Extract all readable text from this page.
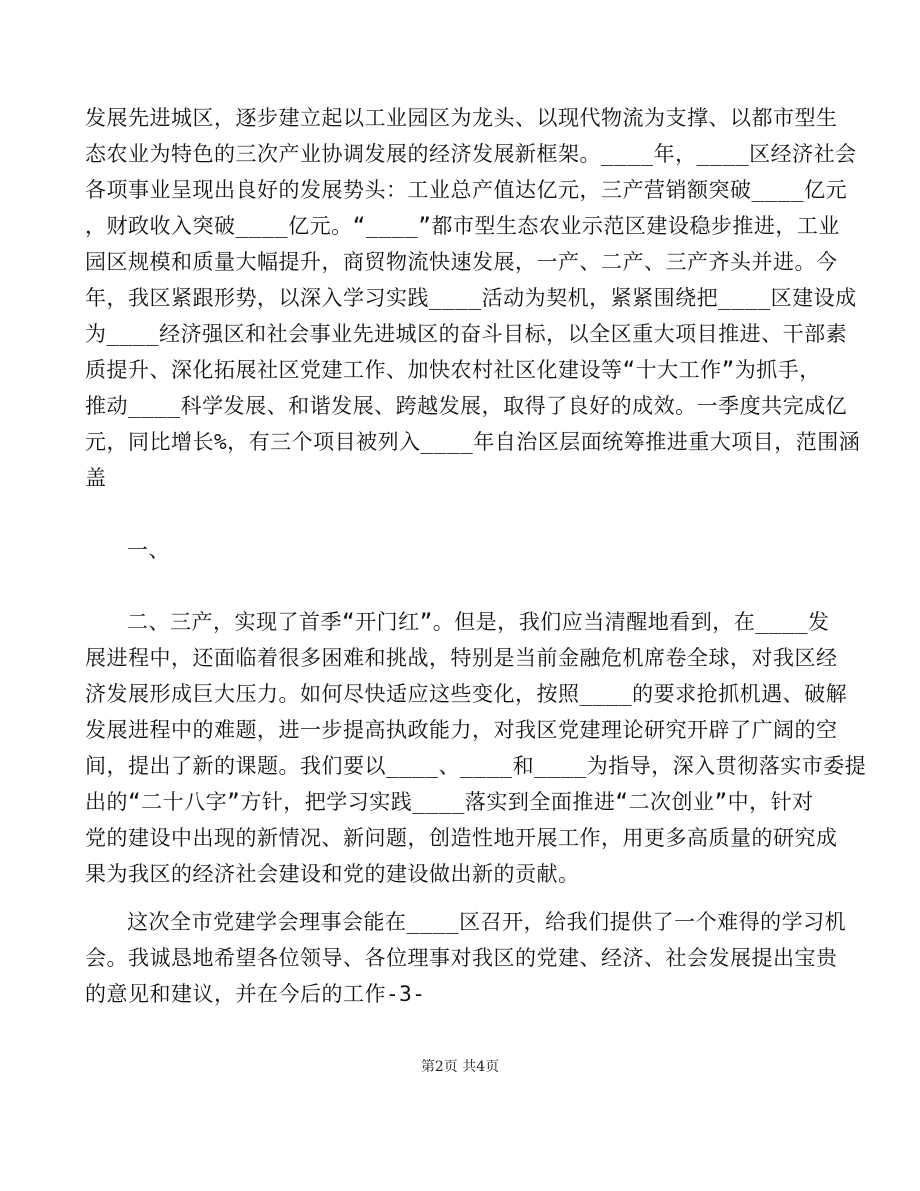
发展先进城区，逐步建立起以工业园区为龙头、以现代物流为支撑、以都市型生
态农业为特色的三次产业协调发展的经济发展新框架。____年，____区经济社会
各项事业呈现出良好的发展势头：工业总产值达亿元，三产营销额突破____亿元
，财政收入突破____亿元。“____”都市型生态农业示范区建设稳步推进，工业
园区规模和质量大幅提升，商贸物流快速发展，一产、二产、三产齐头并进。今
年，我区紧跟形势，以深入学习实践____活动为契机，紧紧围绕把____区建设成
为____经济强区和社会事业先进城区的奋斗目标，以全区重大项目推进、干部素
质提升、深化拓展社区党建工作、加快农村社区化建设等“十大工作”为抓手，
推动____科学发展、和谐发展、跨越发展，取得了良好的成效。一季度共完成亿
元，同比增长%，有三个项目被列入____年自治区层面统筹推进重大项目，范围涵
盖
一、
二、三产，实现了首季“开门红”。但是，我们应当清醒地看到，在____发
展进程中，还面临着很多困难和挑战，特别是当前金融危机席卷全球，对我区经
济发展形成巨大压力。如何尽快适应这些变化，按照____的要求抢抓机遇、破解
发展进程中的难题，进一步提高执政能力，对我区党建理论研究开辟了广阔的空
间，提出了新的课题。我们要以____、____和____为指导，深入贯彻落实市委提
出的“二十八字”方针，把学习实践____落实到全面推进“二次创业”中，针对
党的建设中出现的新情况、新问题，创造性地开展工作，用更多高质量的研究成
果为我区的经济社会建设和党的建设做出新的贡献。
这次全市党建学会理事会能在____区召开，给我们提供了一个难得的学习机
会。我诚恳地希望各位领导、各位理事对我区的党建、经济、社会发展提出宝贵
的意见和建议，并在今后的工作-3-
第2页 共4页
